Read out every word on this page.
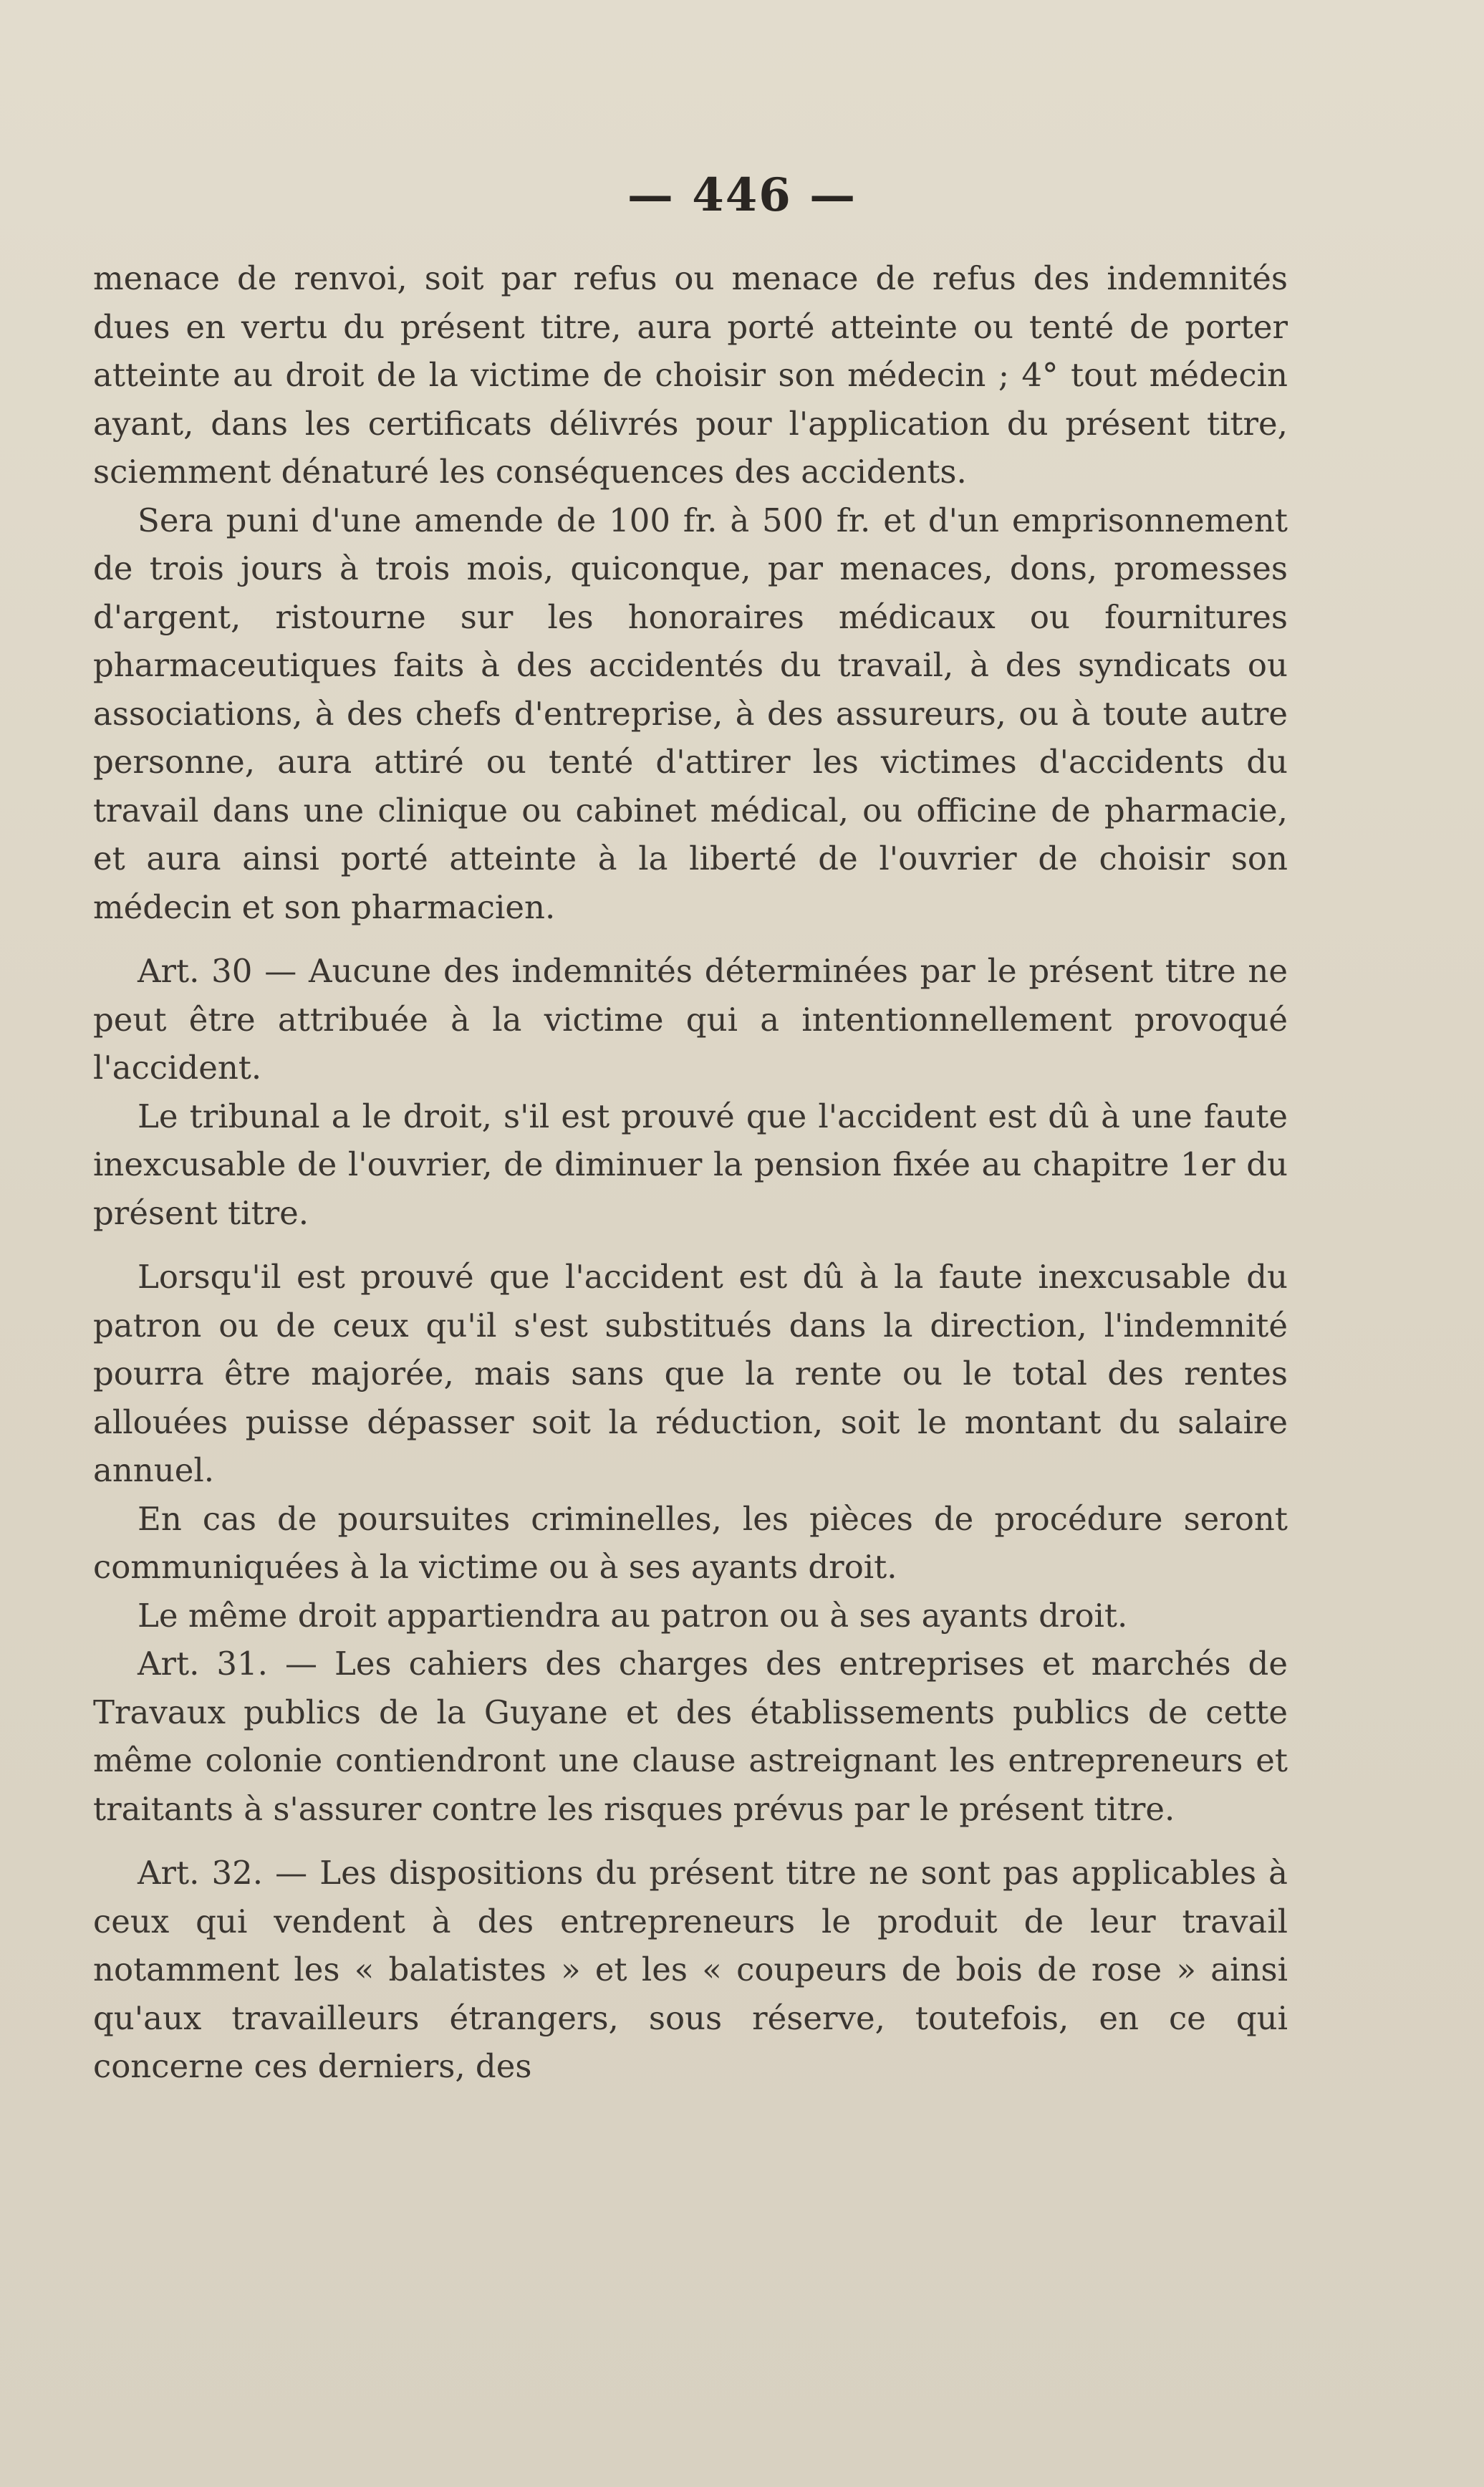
— 446 —

menace de renvoi, soit par refus ou menace de refus des indemnités dues en vertu du présent titre, aura porté atteinte ou tenté de porter atteinte au droit de la victime de choisir son médecin ; 4° tout médecin ayant, dans les certificats délivrés pour l'application du présent titre, sciemment dénaturé les conséquences des accidents.

Sera puni d'une amende de 100 fr. à 500 fr. et d'un emprisonnement de trois jours à trois mois, quiconque, par menaces, dons, promesses d'argent, ristourne sur les honoraires médicaux ou fournitures pharmaceutiques faits à des accidentés du travail, à des syndicats ou associations, à des chefs d'entreprise, à des assureurs, ou à toute autre personne, aura attiré ou tenté d'attirer les victimes d'accidents du travail dans une clinique ou cabinet médical, ou officine de pharmacie, et aura ainsi porté atteinte à la liberté de l'ouvrier de choisir son médecin et son pharmacien.

Art. 30 — Aucune des indemnités déterminées par le présent titre ne peut être attribuée à la victime qui a intentionnellement provoqué l'accident.

Le tribunal a le droit, s'il est prouvé que l'accident est dû à une faute inexcusable de l'ouvrier, de diminuer la pension fixée au chapitre 1er du présent titre.

Lorsqu'il est prouvé que l'accident est dû à la faute inexcusable du patron ou de ceux qu'il s'est substitués dans la direction, l'indemnité pourra être majorée, mais sans que la rente ou le total des rentes allouées puisse dépasser soit la réduction, soit le montant du salaire annuel.

En cas de poursuites criminelles, les pièces de procédure seront communiquées à la victime ou à ses ayants droit.

Le même droit appartiendra au patron ou à ses ayants droit.

Art. 31. — Les cahiers des charges des entreprises et marchés de Travaux publics de la Guyane et des établissements publics de cette même colonie contiendront une clause astreignant les entrepreneurs et traitants à s'assurer contre les risques prévus par le présent titre.

Art. 32. — Les dispositions du présent titre ne sont pas applicables à ceux qui vendent à des entrepreneurs le produit de leur travail notamment les « balatistes » et les « coupeurs de bois de rose » ainsi qu'aux travailleurs étrangers, sous réserve, toutefois, en ce qui concerne ces derniers, des
